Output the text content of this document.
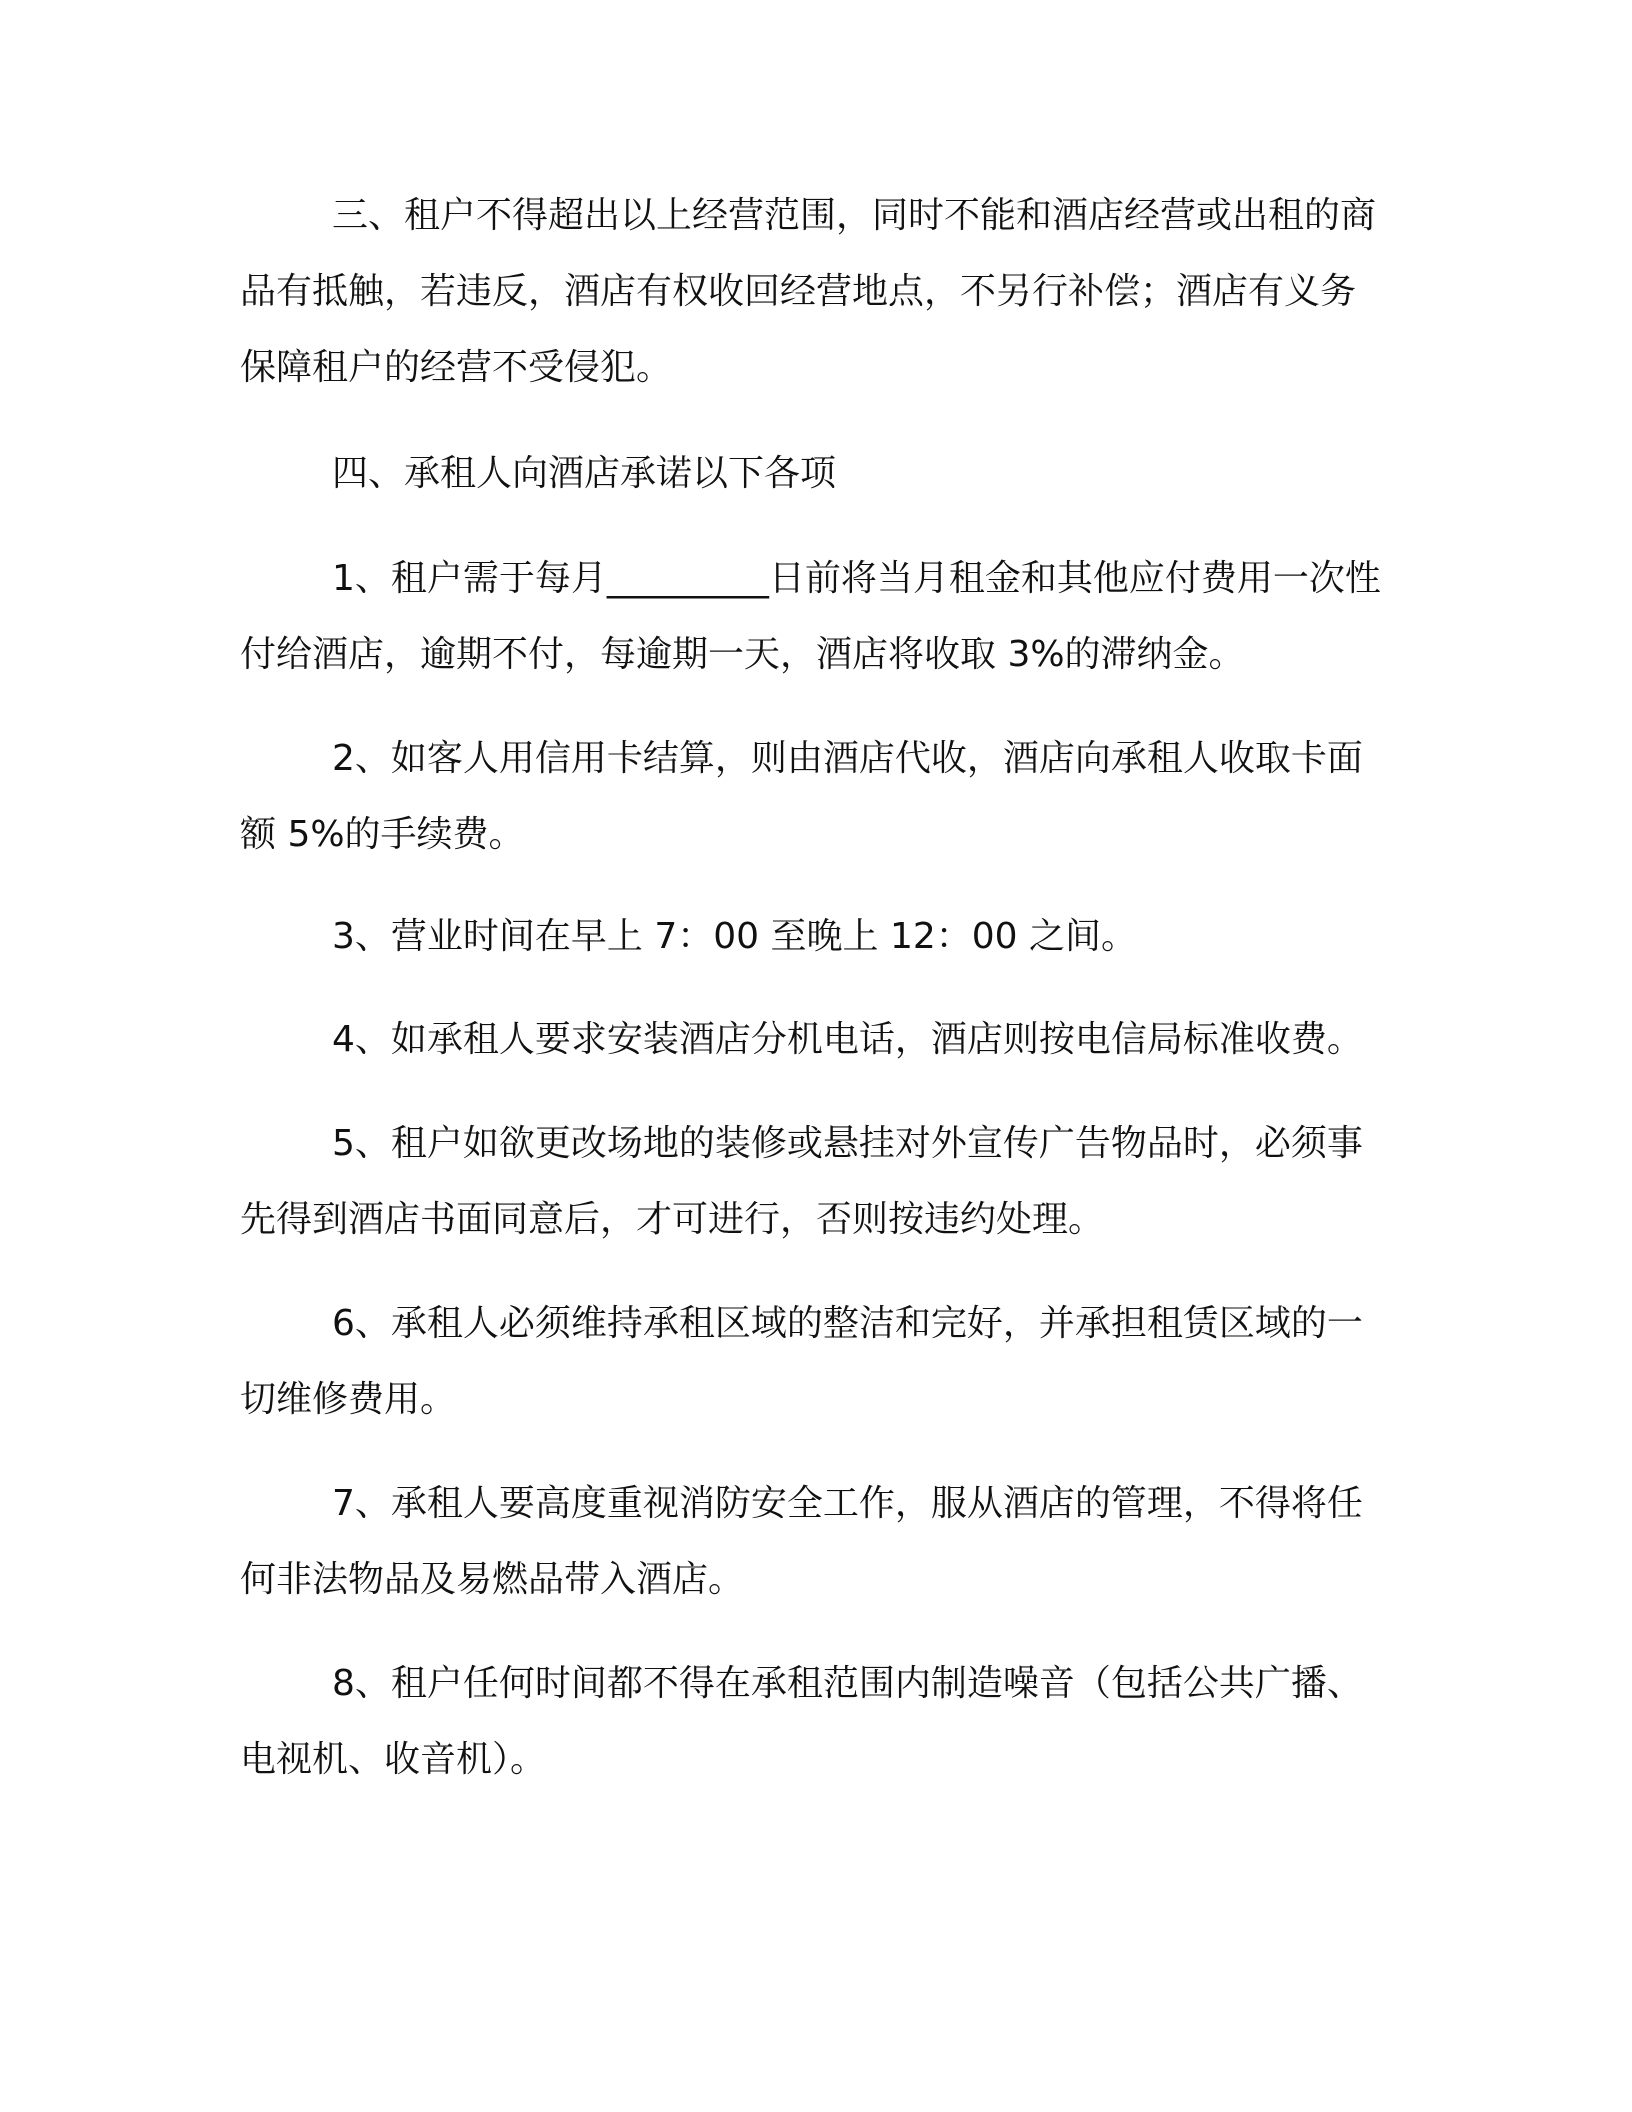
三、租户不得超出以上经营范围，同时不能和酒店经营或出租的商品有抵触，若违反，酒店有权收回经营地点，不另行补偿；酒店有义务保障租户的经营不受侵犯。

四、承租人向酒店承诺以下各项

1、租户需于每月_________日前将当月租金和其他应付费用一次性付给酒店，逾期不付，每逾期一天，酒店将收取 3%的滞纳金。

2、如客人用信用卡结算，则由酒店代收，酒店向承租人收取卡面额 5%的手续费。

3、营业时间在早上 7：00 至晚上 12：00 之间。

4、如承租人要求安装酒店分机电话，酒店则按电信局标准收费。

5、租户如欲更改场地的装修或悬挂对外宣传广告物品时，必须事先得到酒店书面同意后，才可进行，否则按违约处理。

6、承租人必须维持承租区域的整洁和完好，并承担租赁区域的一切维修费用。

7、承租人要高度重视消防安全工作，服从酒店的管理，不得将任何非法物品及易燃品带入酒店。

8、租户任何时间都不得在承租范围内制造噪音（包括公共广播、电视机、收音机）。
